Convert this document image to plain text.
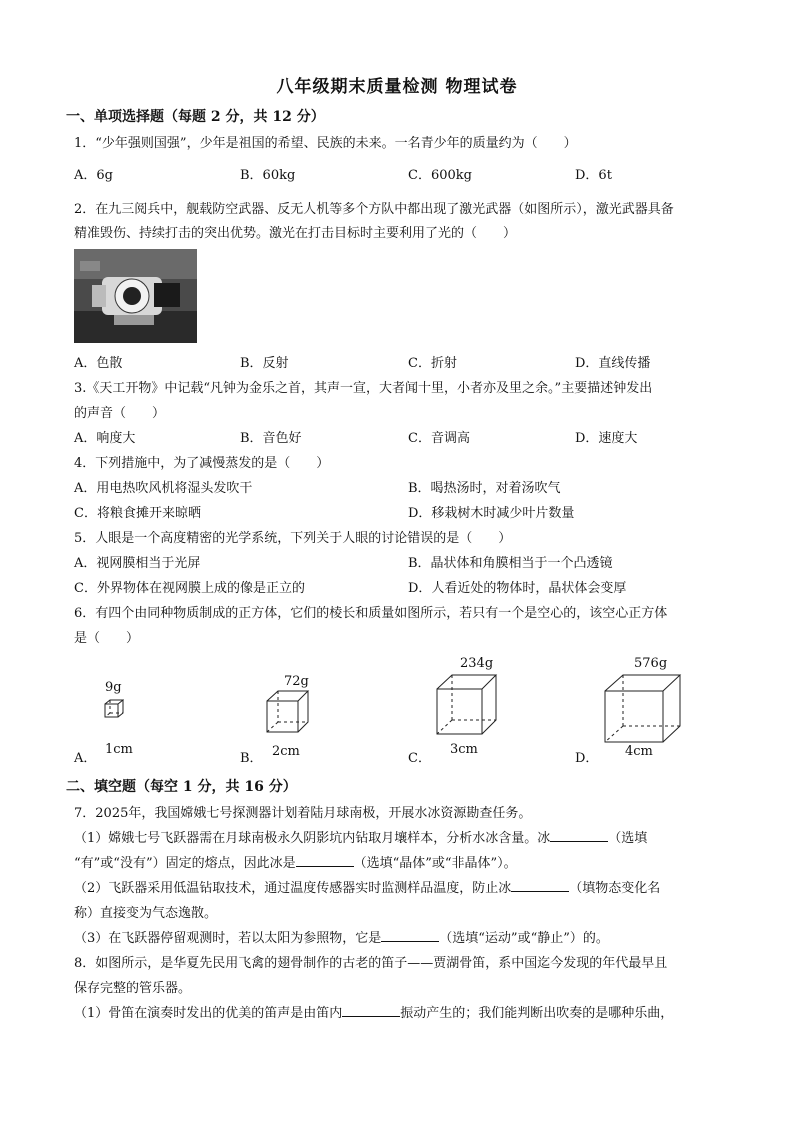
八年级期末质量检测 物理试卷
一、单项选择题（每题 2 分，共 12 分）
1．“少年强则国强”，少年是祖国的希望、民族的未来。一名青少年的质量约为（　　）
A．6g	B．60kg	C．600kg	D．6t
2．在九三阅兵中，舰载防空武器、反无人机等多个方队中都出现了激光武器（如图所示），激光武器具备
精准毁伤、持续打击的突出优势。激光在打击目标时主要利用了光的（　　）
A．色散	B．反射	C．折射	D．直线传播
3.《天工开物》中记载“凡钟为金乐之首，其声一宣，大者闻十里，小者亦及里之余。”主要描述钟发出
的声音（　　）
A．响度大	B．音色好	C．音调高	D．速度大
4．下列措施中，为了减慢蒸发的是（　　）
A．用电热吹风机将湿头发吹干	B．喝热汤时，对着汤吹气
C．将粮食摊开来晾晒	D．移栽树木时减少叶片数量
5．人眼是一个高度精密的光学系统，下列关于人眼的讨论错误的是（　　）
A．视网膜相当于光屏	B．晶状体和角膜相当于一个凸透镜
C．外界物体在视网膜上成的像是正立的	D．人看近处的物体时，晶状体会变厚
6．有四个由同种物质制成的正方体，它们的棱长和质量如图所示，若只有一个是空心的，该空心正方体
是（　　）
9g
A．
1cm
72g
B． 2cm
234g
C．
3cm
576g
D． 4cm
二、填空题（每空 1 分，共 16 分）
7．2025年，我国嫦娥七号探测器计划着陆月球南极，开展水冰资源勘查任务。
（1）嫦娥七号飞跃器需在月球南极永久阴影坑内钻取月壤样本，分析水冰含量。冰	（选填
“有”或“没有”）固定的熔点，因此冰是	（选填“晶体”或“非晶体”）。
（2）飞跃器采用低温钻取技术，通过温度传感器实时监测样品温度，防止冰	（填物态变化名
称）直接变为气态逸散。
（3）在飞跃器停留观测时，若以太阳为参照物，它是	（选填“运动”或“静止”）的。
8．如图所示，是华夏先民用飞禽的翅骨制作的古老的笛子——贾湖骨笛，系中国迄今发现的年代最早且
保存完整的管乐器。
（1）骨笛在演奏时发出的优美的笛声是由笛内	振动产生的；我们能判断出吹奏的是哪种乐曲，
